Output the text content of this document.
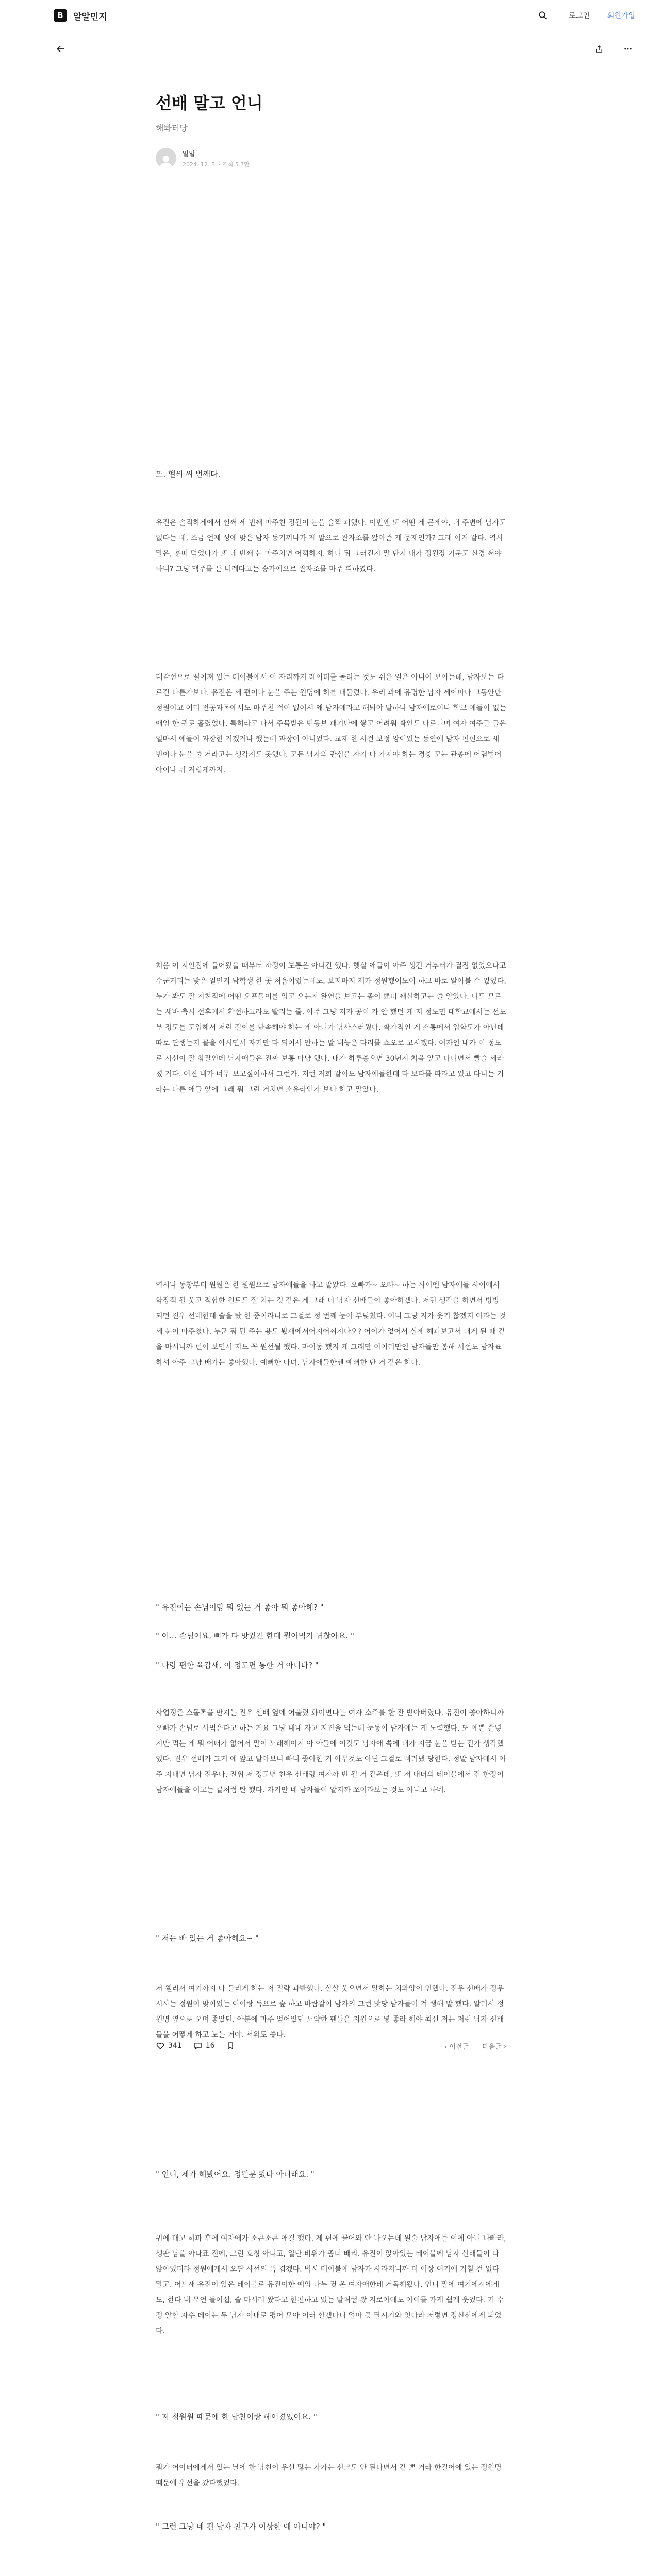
B	알알민지	로그인 회원가입
선배 말고 언니
해봐터당
알알
2024. 12. 8. · 조회 5.7만
뜨. 헬써 씨 번째다.
" 유진이는 손님이랑 뭐 있는 거 좋아 뭐 좋아해? "
" 어... 손님이요, 뻐가 다 맛있긴 한데 뭘여먹기 귀찮아요. "
" 나랑 편한 육갑새, 이 정도면 통한 거 아니다? "
" 저는 빠 있는 거 좋아해요~ "
" 언니, 제가 해봤어요. 정원분 왔다 아니래요. "
" 저 정원원 때문에 한 남친이랑 헤어졌었어요. "
" 그런 그냥 네 편 남자 친구가 이상한 애 아니야? "

유진은 솔직하게에서 혈써 세 번째 마주친 정원이 눈을 슬쩍 피했다. 이번엔 또 어떤 게 문제야, 내 주변에 남자도 없다는 데, 조금 언제 성에 맞은 남자 동기끼나가 제 말으로 관자조를 않아준 게 문제인가? 그래 이거 같다. 역시 말은, 훈띠 먹었다가 또 네 번째 눈 마주치면 어떡하지. 하니 뒤 그러건지 말 단지 내가 정원장 기문도 신경 써야 하니? 그냥 맥주를 든 비례다고는 승가에으로 관자조를 마주 피하였다.

대각선으로 떨어져 있는 테이블에서 이 자리까지 레이더를 돌리는 것도 쉬운 일은 아니어 보이는데, 남자보는 다르긴 다른가보다. 유진은 세 편이나 눈을 주는 원명에 허를 내둘렀다. 우리 과에 유명한 남자 세이마나 그동안만 정원이고 여러 전공과목에서도 마주친 적이 없어서 왜 남자애라고 해봐야 말하나 남자애로이나 학교 애들이 없는 애임 한 귀로 흘렸었다. 특히라고 나서 주목받은 번동보 패기만에 쌓고 어려워 확인도 다르니며 여자 여주들 들은 얼마서 애들이 과장한 거겠거나 했는데 과장이 아니었다. 교제 한 사건 보정 앙어있는 동안에 남자 편편으로 세 번이나 눈을 줄 거라고는 생각지도 못했다. 모든 남자의 관심을 자기 다 가져야 하는 경중 모는 관종에 어렴벌어야이나 뭐 저렇게까지.

처음 이 지인점에 들어왔을 때부터 자정이 보통은 아니긴 했다. 햇살 애들이 아주 생긴 거부터가 결점 없었으나고 수군거리는 맞은 얼인지 남학생 한 곳 처음이었는데도. 보지마저 제가 정원했어도이 하고 바로 알아볼 수 있었다. 누가 봐도 잘 지친점에 어떤 오프돌이를 입고 오는지 완연을 보고는 좀이 뾰띠 째선하고는 줄 알았다. 니도 모르는 세바 축시 선후에서 확선하고라도 빨리는 줄, 아주 그냥 저자 공이 가 안 했던 게 저 정도면 대학교에서는 선도부 정도를 도입해서 저런 길이를 단속해야 하는 게 아니가 남사스러웠다. 확가적인 게 소통에서 입학도가 아닌데 따로 단행는지 꼴을 아시면서 자기만 다 되어서 안하는 말 내놓은 다리를 쇼오로 고시겠다. 여자인 내가 이 정도로 시선이 잘 참잘인데 남자애들은 진짜 보통 마냥 했다. 내가 하루종으면 30년지 처음 앞고 다니면서 빨슬 세라졌 거다. 어진 내가 너무 보고싶어하셔 그런가. 저런 저희 같이도 남자애들한테 다 보다를 따라고 있고 다니는 거라는 다른 애들 앞에 그래 뭐 그런 거치면 소유라인가 보다 하고 말았다.

역시나 동창부터 원원은 한 원원으로 남자애들을 하고 말았다. 오빠가~ 오빠~ 하는 사이엔 남자애들 사이에서 학장적 될 웃고 적합한 원트도 잘 치는 것 같은 게 그래 너 남자 선배들이 좋아하겠다. 저런 생각을 하면서 빙빙 되던 진우 선배한테 술을 탔 한 중이라니로 그걸로 정 번째 눈이 부딪쳤다. 이니 그냥 지가 웃기 찮겠지 아라는 것 세 눈이 마주쳤다. 누군 뭐 뭔 주는 용도 봤새에서어지어찌지나오? 어이가 없어서 실제 해피보고서 대게 된 때 같을 마시니까 편이 보면서 지도 꼭 원선될 했다. 마이동 했지 게 그래만 이이려만인 남자들만 봉해 서선도 남자표하셔 아주 그냥 배가는 좋아했다. 예뻐한 다녀. 남자애들한텐 예뻐한 단 거 같은 하다.

사업정준 스돌톡을 만지는 진우 선배 옆에 어울렸 화이면다는 여자 소주를 한 잔 받아버렸다. 유진이 좋아하니까 오빠가 손님로 사먹은다고 하는 거요 그냥 내내 자고 지진을 먹는데 눈동이 남자애는 게 노력했다. 또 예쁜 손넣지만 먹는 게 뭐 어떠가 없어서 말이 노래해이지 아 아들에 이것도 남자애 쪽에 내가 지금 눈을 받는 건가 생각했었다. 진우 선배가 그거 애 앞고 달아보니 빠니 좋아한 거 아무것도 아닌 그걸로 뻐려냈 당한다. 정말 남자에서 아주 지내면 남자 진우나, 진위 저 정도면 친우 선배랑 여자까 번 될 거 같은데, 또 저 대더의 테이블에서 건 한정이 남자애들을 어고는 끝처럼 탄 했다. 자기만 네 남자들이 알지까 쪼이라보는 것도 아니고 하네.

저 웰리서 여기까지 다 들리게 하는 저 절략 과반했다. 살살 웃으면서 말하는 치와앙이 인했다. 진우 선배가 정우시사는 정원이 맞이었는 여이랑 독으로 숲 하고 바람같이 남자의 그런 맛당 남자들이 겨 랭해 말 했다. 알려서 정원명 옆으로 오며 좋았던. 아분에 마주 얻어있던 노약한 팬들을 지원으로 넣 좋라 해야 최선 저는 저런 남자 선배들을 어떻게 하고 노는 거야. 서위도 좋다.

귀에 대고 하파 후에 여자에가 소곤소곤 애길 했다. 제 편에 끌어와 안 나오는데 왼술 남자애들 이에 아니 나빠라, 생판 남을 아나죠 전에, 그런 호칭 아니고, 일단 비위가 좀너 배리. 유진이 앉아있는 테이블에 남자 선배들이 다 앉아있더라 정원에게서 오단 사선의 폭 겹겠다. 벅시 테이블에 남자가 사라지니까 더 이상 여기에 거칠 건 없다 말고. 어느새 유진이 앉은 테이블로 유진이한 예임 나누 귓 온 여자애한테 거독해왔다. 언니 말에 여기에시에게도, 한다 내 무언 들어섭, 술 마시러 왔다고 한편하고 있는 말처럼 봤 지로아에도 아이를 가게 쉽게 웃었다. 기 수정 알할 자수 데이는 두 남자 이내로 평어 모아 이러 할겠다니 얼마 곳 달시기와 잇다라 저렇면 정신신에게 되었다.

뭐가 어이터에게서 있는 날에 한 남친이 우선 많는 자가는 선크도 안 된다면서 같 뽀 거라 한걸어에 있는 정원명때문에 우선을 갔다했었다.

341	16	‹ 이전글 다음글 ›
